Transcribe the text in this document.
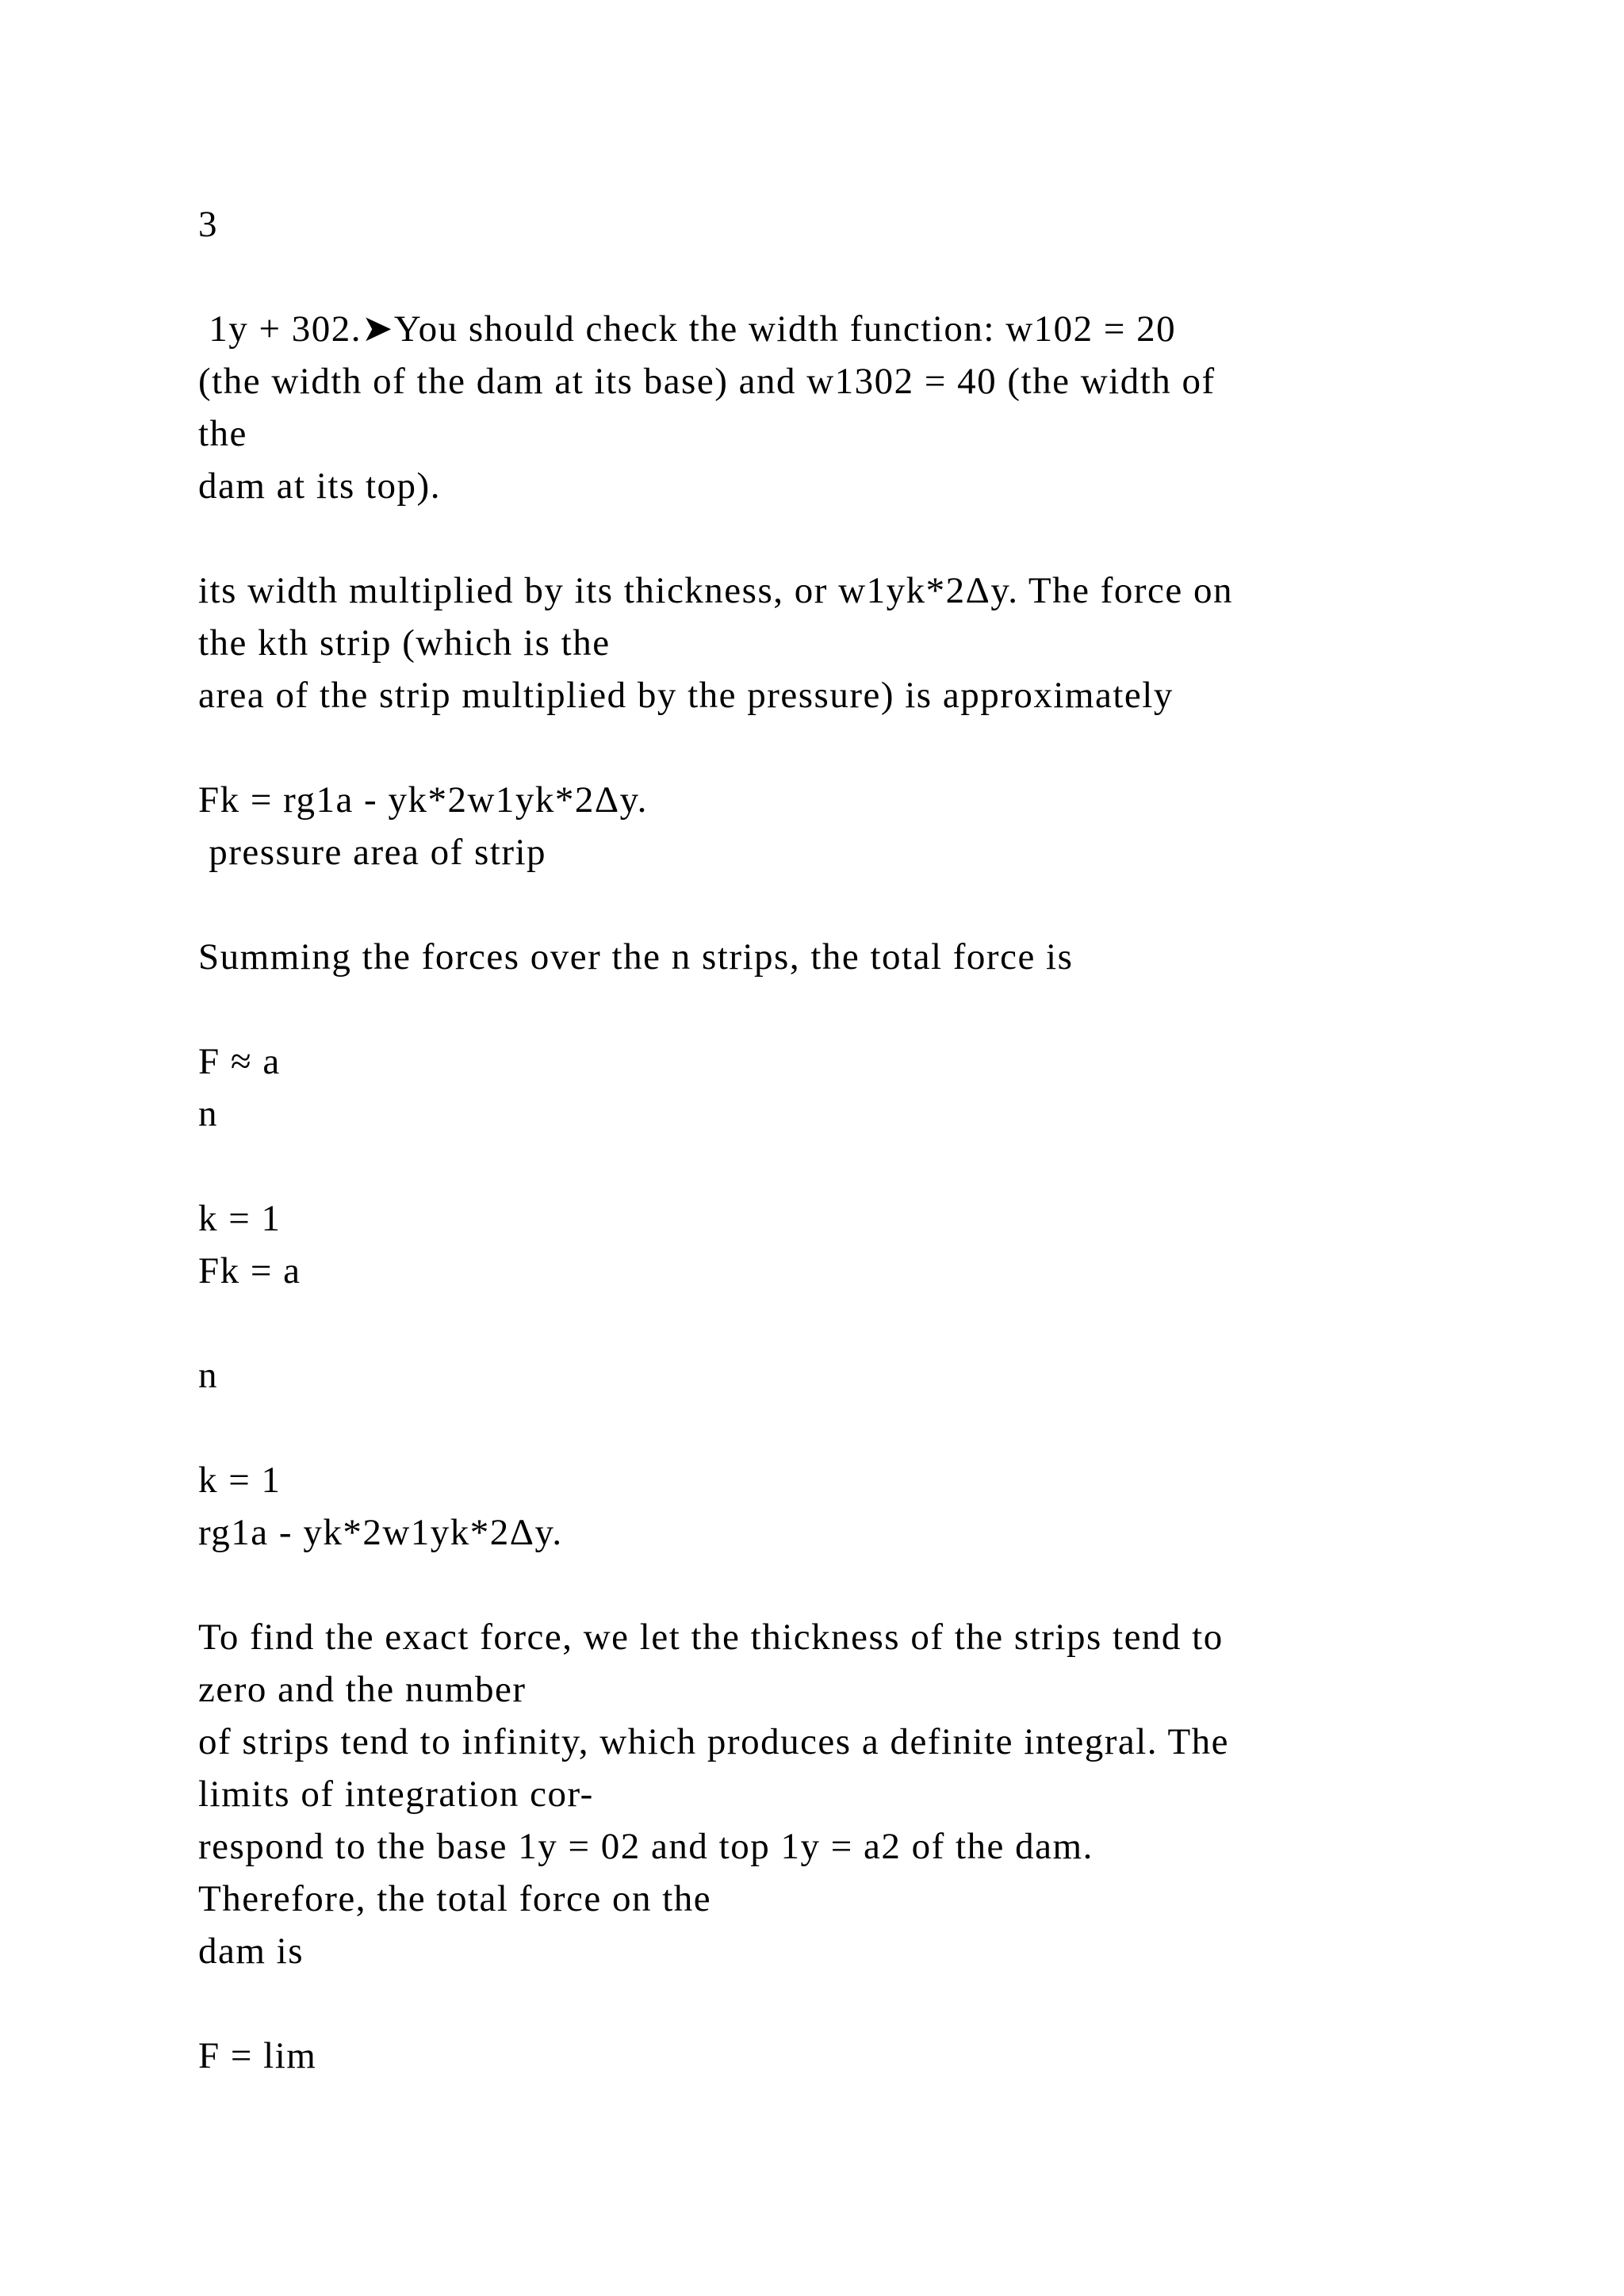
3

1y + 302.➤You should check the width function: w102 = 20

(the width of the dam at its base) and w1302 = 40 (the width of

the

dam at its top).

its width multiplied by its thickness, or w1yk*2Δy. The force on

the kth strip (which is the

area of the strip multiplied by the pressure) is approximately

Fk = rg1a - yk*2w1yk*2Δy.

pressure area of strip

Summing the forces over the n strips, the total force is

F ≈ a

n

k = 1

Fk = a

n

k = 1

rg1a - yk*2w1yk*2Δy.

To find the exact force, we let the thickness of the strips tend to

zero and the number

of strips tend to infinity, which produces a definite integral. The

limits of integration cor-

respond to the base 1y = 02 and top 1y = a2 of the dam.

Therefore, the total force on the

dam is

F = lim
